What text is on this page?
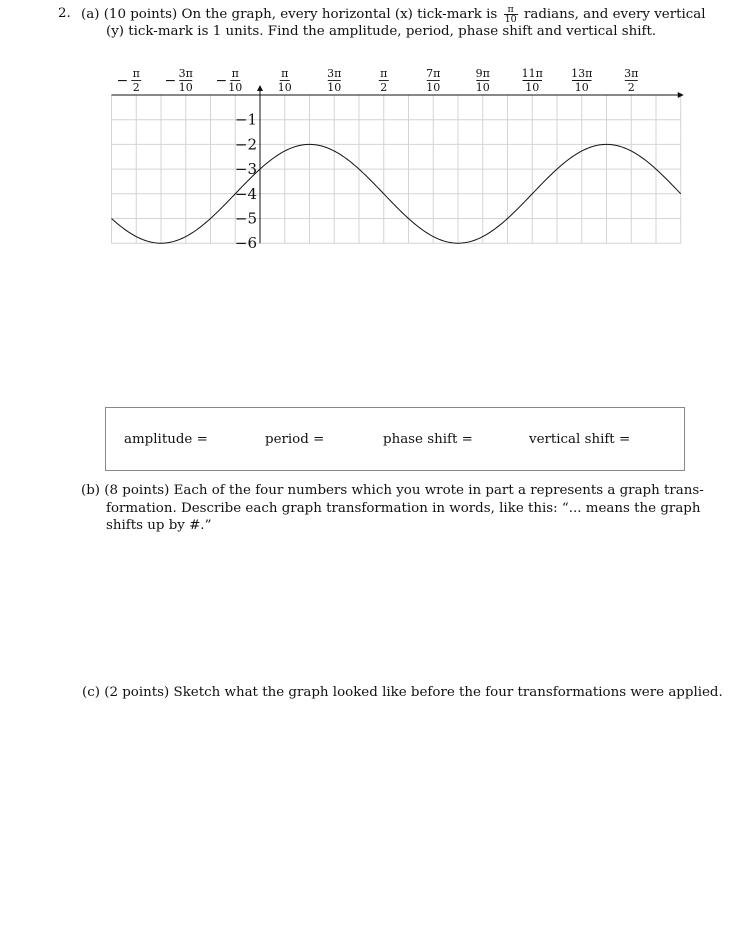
2. (a) (10 points) On the graph, every horizontal (x) tick-mark is $\frac{\pi}{10}$ radians, and every vertical
(y) tick-mark is 1 units. Find the amplitude, period, phase shift and vertical shift.
−1
−2
−3
−4
−5
−6
π
2
−	3π
10
−	π
10
−	π
10
3π
10
π
2
7π
10
9π
10
11π
10
13π
10
3π
2
amplitude =	period =	phase shift =	vertical shift =
(b) (8 points) Each of the four numbers which you wrote in part a represents a graph trans-
formation. Describe each graph transformation in words, like this: “... means the graph
shifts up by #.”
(c) (2 points) Sketch what the graph looked like before the four transformations were applied.
